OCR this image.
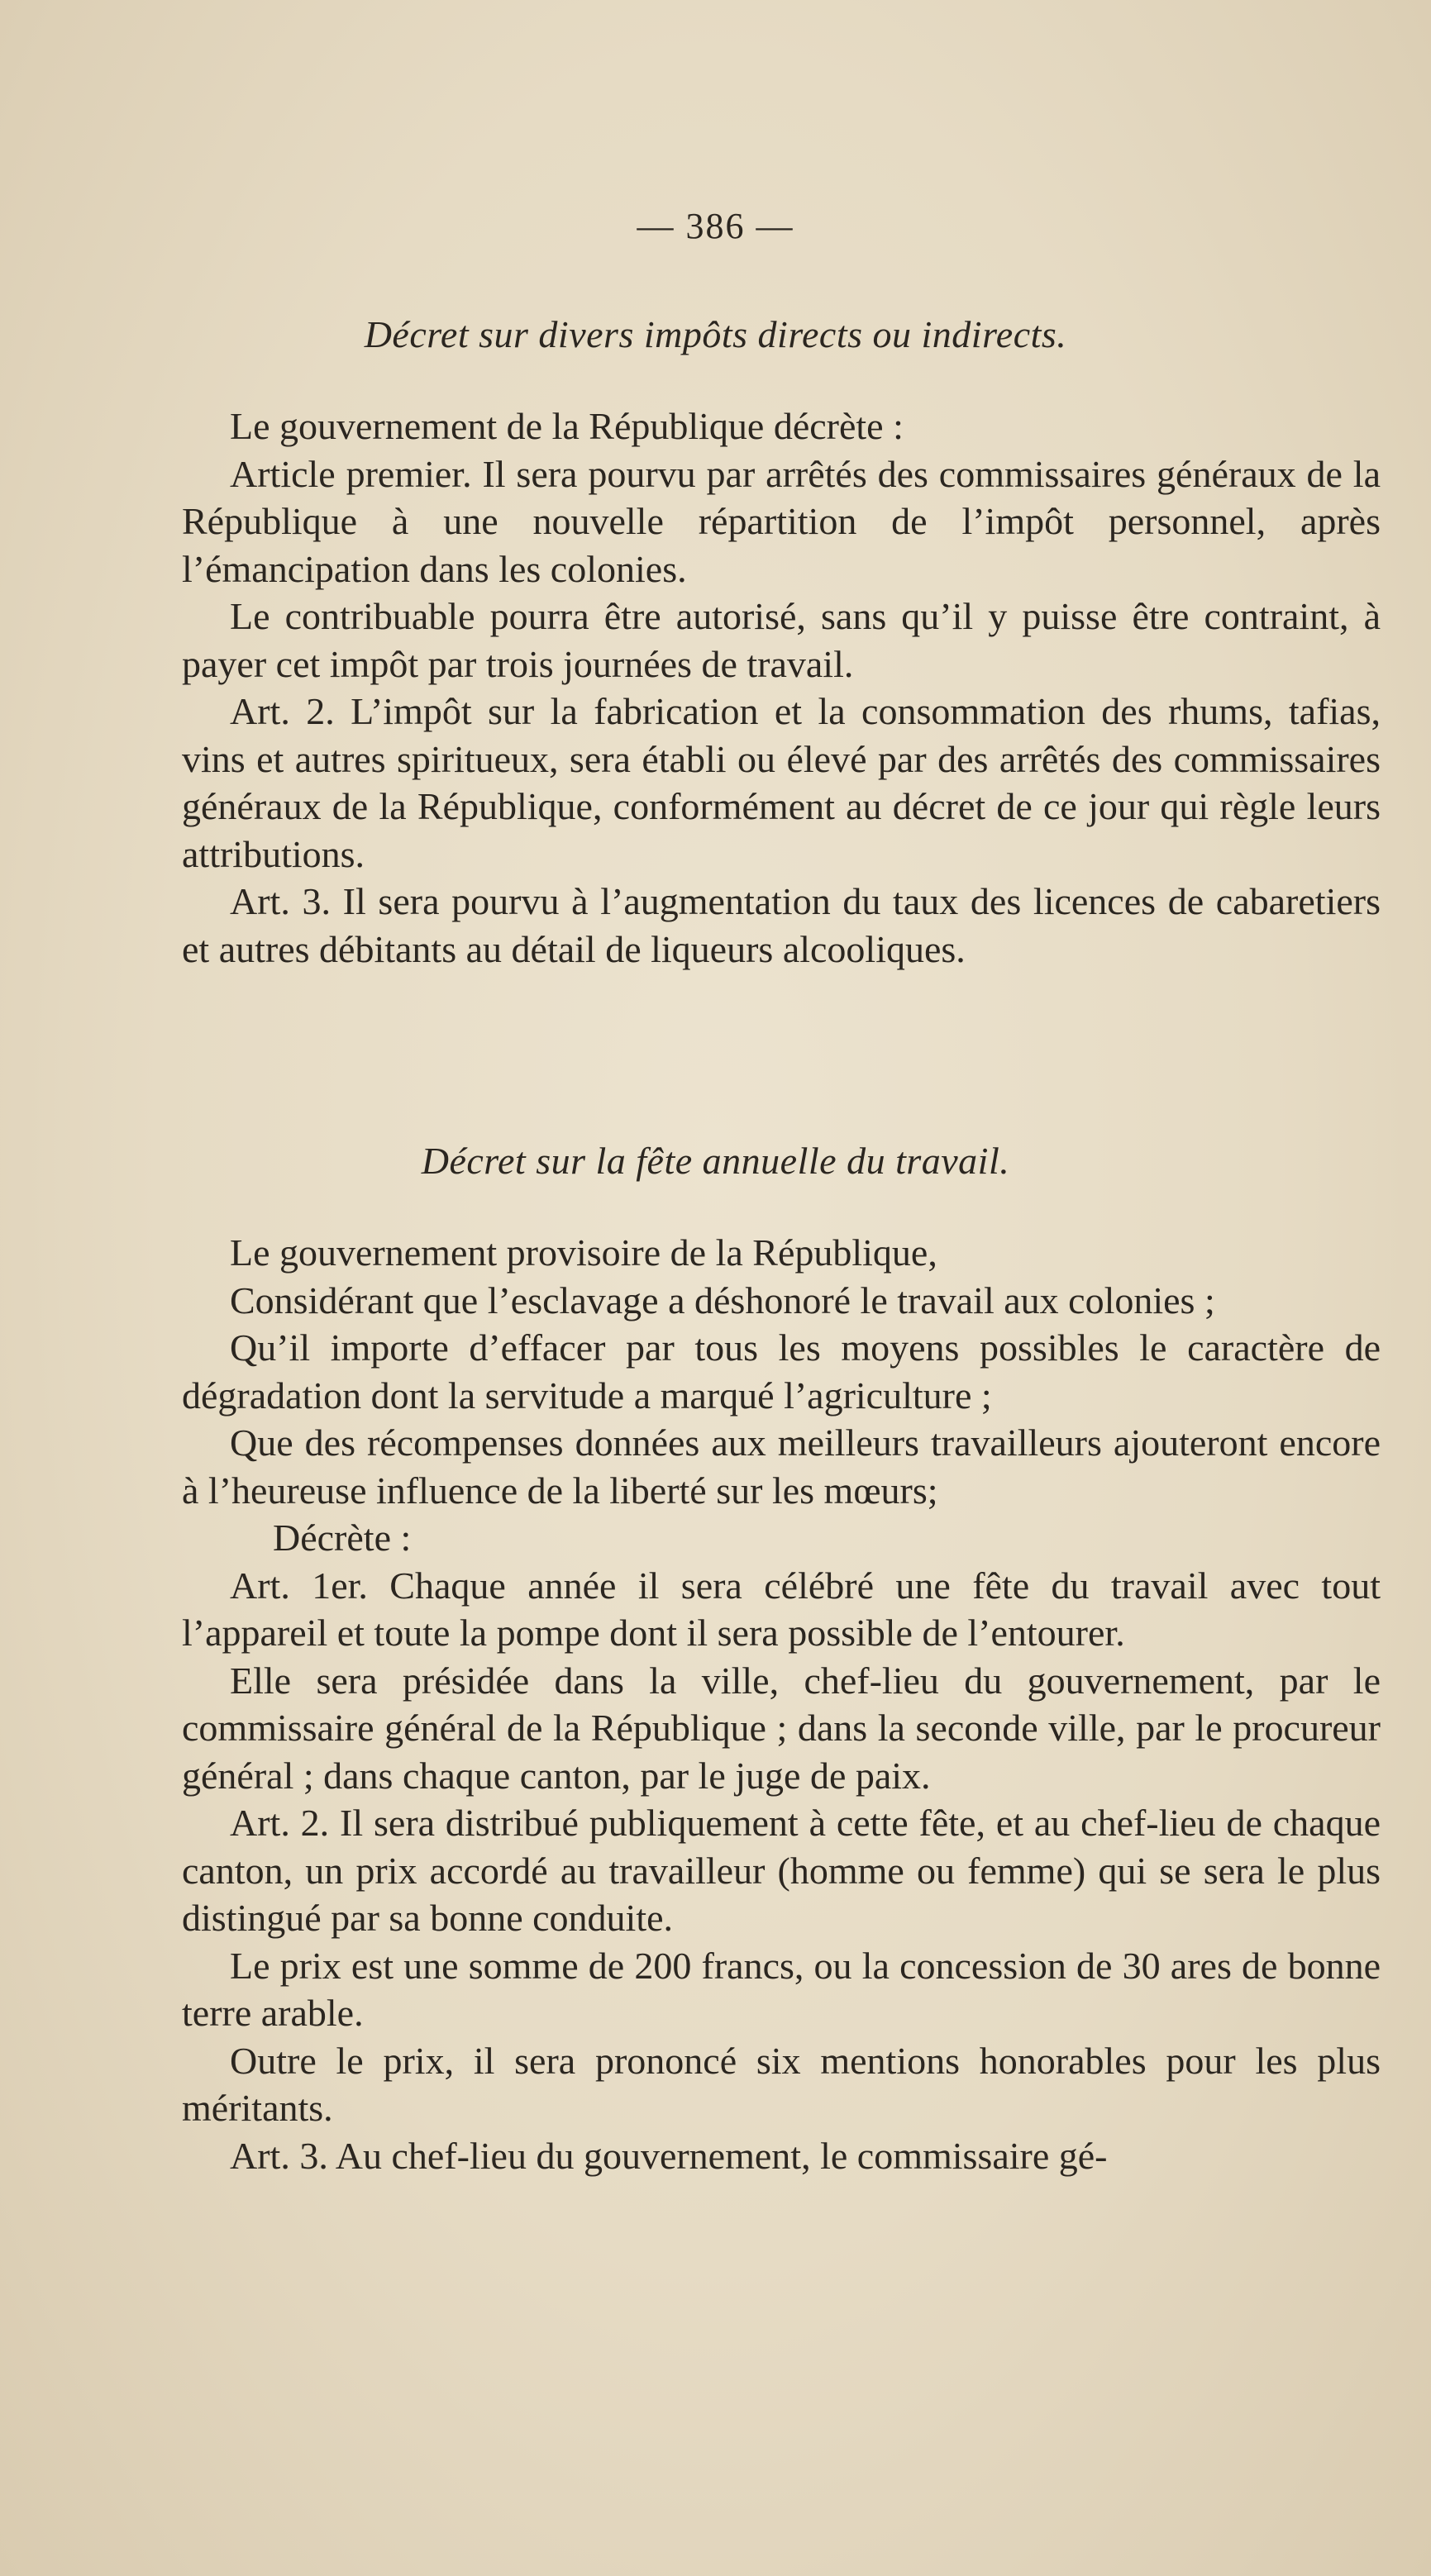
— 386 —
Décret sur divers impôts directs ou indirects.

Le gouvernement de la République décrète :

Article premier. Il sera pourvu par arrêtés des commissaires généraux de la République à une nouvelle répartition de l’impôt personnel, après l’émancipation dans les colonies.

Le contribuable pourra être autorisé, sans qu’il y puisse être contraint, à payer cet impôt par trois journées de travail.

Art. 2. L’impôt sur la fabrication et la consommation des rhums, tafias, vins et autres spiritueux, sera établi ou élevé par des arrêtés des commissaires généraux de la République, conformément au décret de ce jour qui règle leurs attributions.

Art. 3. Il sera pourvu à l’augmentation du taux des licences de cabaretiers et autres débitants au détail de liqueurs alcooliques.

Décret sur la fête annuelle du travail.

Le gouvernement provisoire de la République,

Considérant que l’esclavage a déshonoré le travail aux colonies ;

Qu’il importe d’effacer par tous les moyens possibles le caractère de dégradation dont la servitude a marqué l’agriculture ;

Que des récompenses données aux meilleurs travailleurs ajouteront encore à l’heureuse influence de la liberté sur les mœurs;

Décrète :

Art. 1er. Chaque année il sera célébré une fête du travail avec tout l’appareil et toute la pompe dont il sera possible de l’entourer.

Elle sera présidée dans la ville, chef-lieu du gouvernement, par le commissaire général de la République ; dans la seconde ville, par le procureur général ; dans chaque canton, par le juge de paix.

Art. 2. Il sera distribué publiquement à cette fête, et au chef-lieu de chaque canton, un prix accordé au travailleur (homme ou femme) qui se sera le plus distingué par sa bonne conduite.

Le prix est une somme de 200 francs, ou la concession de 30 ares de bonne terre arable.

Outre le prix, il sera prononcé six mentions honorables pour les plus méritants.

Art. 3. Au chef-lieu du gouvernement, le commissaire gé-
